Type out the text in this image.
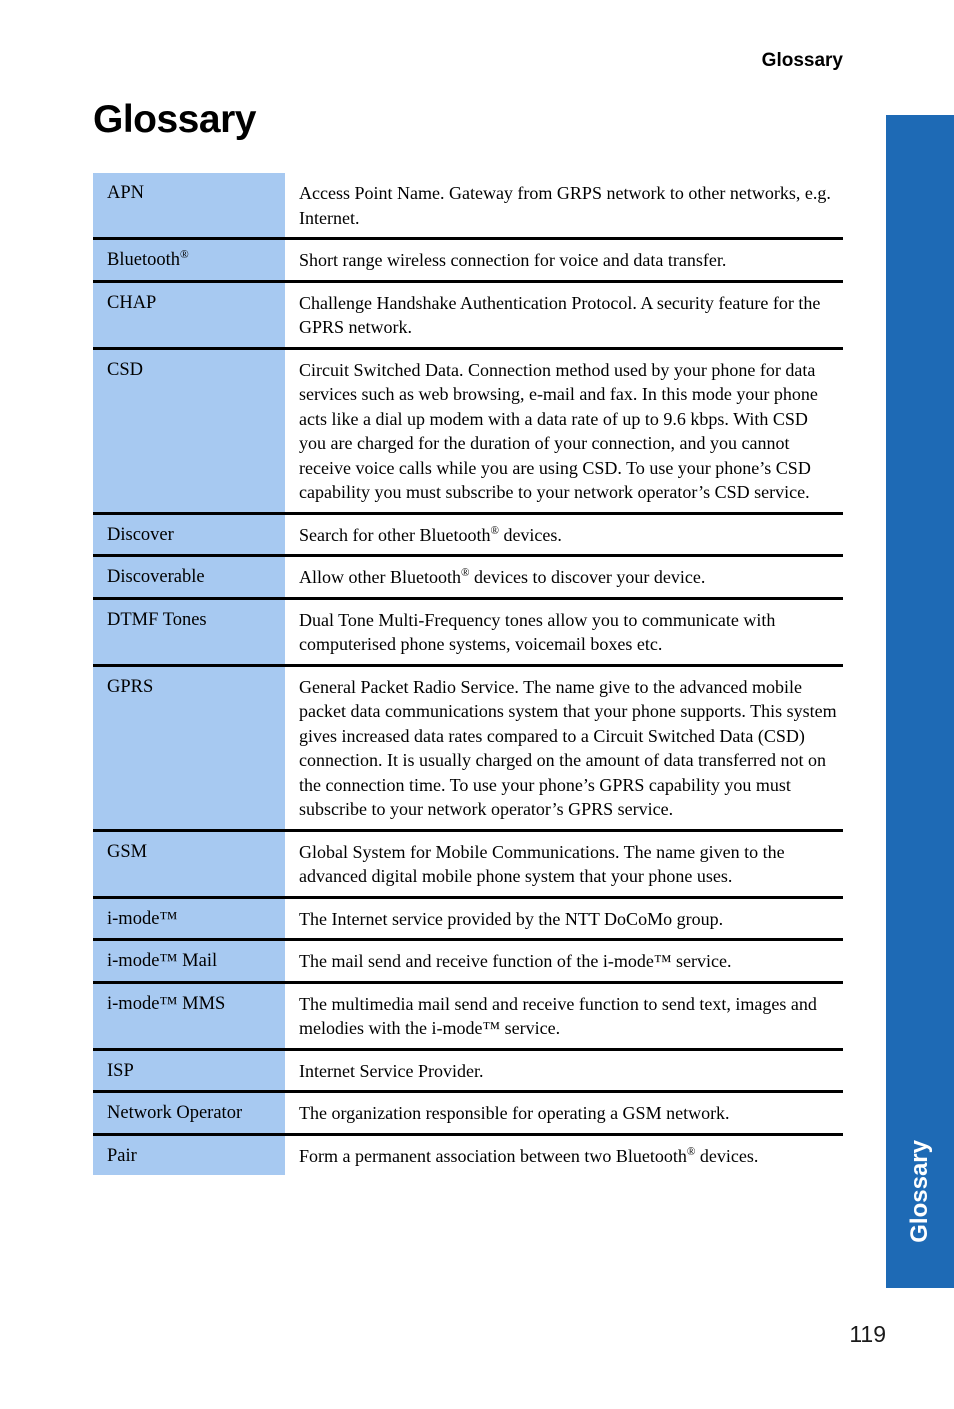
Glossary
Glossary
APN	Access Point Name. Gateway from GRPS network to other networks, e.g. Internet.
Bluetooth®	Short range wireless connection for voice and data transfer.
CHAP	Challenge Handshake Authentication Protocol. A security feature for the GPRS network.
CSD	Circuit Switched Data. Connection method used by your phone for data services such as web browsing, e-mail and fax. In this mode your phone acts like a dial up modem with a data rate of up to 9.6 kbps. With CSD you are charged for the duration of your connection, and you cannot receive voice calls while you are using CSD. To use your phone’s CSD capability you must subscribe to your network operator’s CSD service.
Discover	Search for other Bluetooth® devices.
Discoverable	Allow other Bluetooth® devices to discover your device.
DTMF Tones	Dual Tone Multi-Frequency tones allow you to communicate with computerised phone systems, voicemail boxes etc.
GPRS	General Packet Radio Service. The name give to the advanced mobile packet data communications system that your phone supports. This system gives increased data rates compared to a Circuit Switched Data (CSD) connection. It is usually charged on the amount of data transferred not on the connection time. To use your phone’s GPRS capability you must subscribe to your network operator’s GPRS service.
GSM	Global System for Mobile Communications. The name given to the advanced digital mobile phone system that your phone uses.
i-mode™	The Internet service provided by the NTT DoCoMo group.
i-mode™ Mail	The mail send and receive function of the i-mode™ service.
i-mode™ MMS	The multimedia mail send and receive function to send text, images and melodies with the i-mode™ service.
ISP	Internet Service Provider.
Network Operator	The organization responsible for operating a GSM network.
Pair	Form a permanent association between two Bluetooth® devices.	Glossary
119
